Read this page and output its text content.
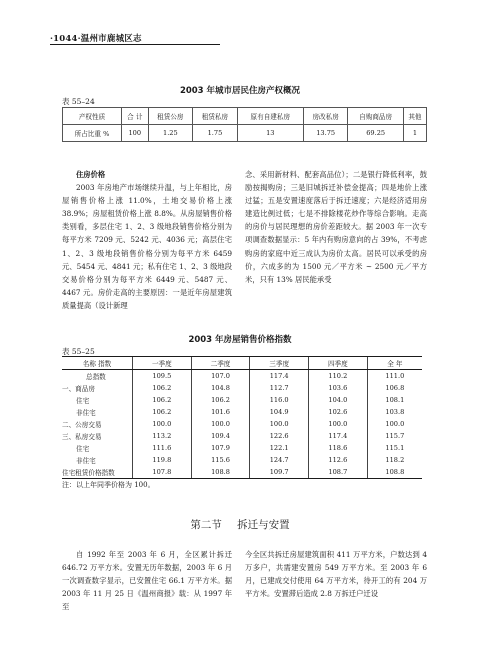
·1044·温州市鹿城区志
2003 年城市居民住房产权概况
表 55–24
产权性质	合 计	租赁公房	租赁私房	原有自建私房	房改私房	自购商品房	其他
所占比重 %	100	1.25	1.75	13	13.75	69.25	1

住房价格

2003 年房地产市场继续升温，与上年相比，房屋销售价格上涨 11.0%，土地交易价格上涨 38.9%；房屋租赁价格上涨 8.8%。从房屋销售价格类别看，多层住宅 1、2、3 级地段销售价格分别为每平方米 7209 元、5242 元、4036 元；高层住宅 1、2、3 级地段销售价格分别为每平方米 6459 元、5454 元、4841 元；私有住宅 1、2、3 级地段交易价格分别为每平方米 6449 元、5487 元、4467 元。房价走高的主要原因：一是近年房屋建筑质量提高（设计新理

念、采用新材料、配套高品位）；二是银行降低利率，鼓励按揭购房；三是旧城拆迁补偿金提高；四是地价上涨过猛；五是安置速度落后于拆迁速度；六是经济适用房建造比例过低；七是不排除楼花炒作等综合影响。走高的房价与居民理想的房价差距较大。据 2003 年一次专项调查数据显示：5 年内有购房意向的占 39%，不考虑购房的家庭中近三成认为房价太高。居民可以承受的房价，六成多的为 1500 元／平方米 ~ 2500 元／平方米，只有 13% 居民能承受

2003 年房屋销售价格指数
表 55–25
名称 指数	一季度	二季度	三季度	四季度	全 年
总指数	109.5	107.0	117.4	110.2	111.0
一、商品房	106.2	104.8	112.7	103.6	106.8
住宅	106.2	106.2	116.0	104.0	108.1
非住宅	106.2	101.6	104.9	102.6	103.8
二、公房交易	100.0	100.0	100.0	100.0	100.0
三、私房交易	113.2	109.4	122.6	117.4	115.7
住宅	111.6	107.9	122.1	118.6	115.1
非住宅	119.8	115.6	124.7	112.6	118.2
住宅租赁价格指数	107.8	108.8	109.7	108.7	108.8
注：以上年同季价格为 100。
第二节 拆迁与安置

自 1992 年至 2003 年 6 月，全区累计拆迁 646.72 万平方米。安置无历年数据，2003 年 6 月一次调查数字显示，已安置住宅 66.1 万平方米。据 2003 年 11 月 25 日《温州商报》载：从 1997 年至

今全区共拆迁房屋建筑面积 411 万平方米，户数达到 4 万多户，共需建安置房 549 万平方米。至 2003 年 6 月，已建成交付使用 64 万平方米，待开工的有 204 万平方米。安置滞后造成 2.8 万拆迁户迁设
